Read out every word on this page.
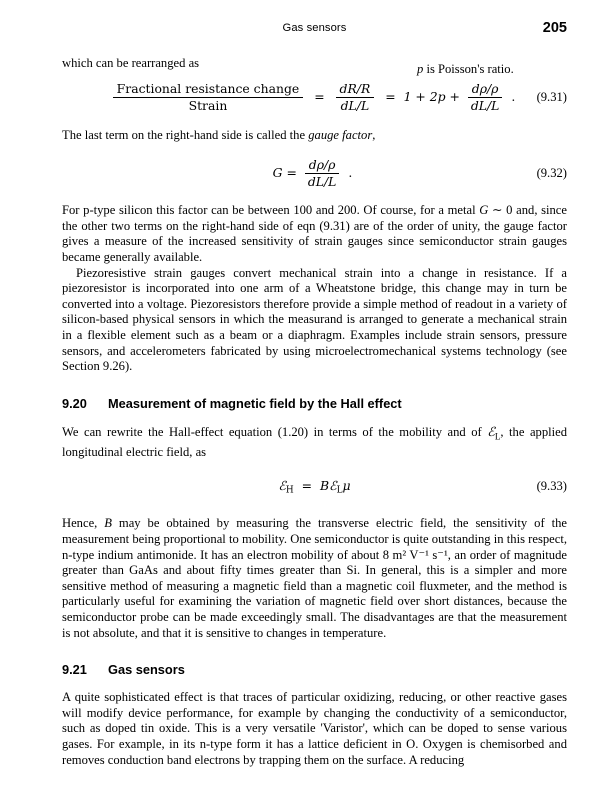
Gas sensors	205
p is Poisson's ratio.

which can be rearranged as

$\frac{\text{Fractional resistance change}}{\text{Strain}} = \frac{dR/R}{dL/L} = 1 + 2p + \frac{d\rho/\rho}{dL/L}$ .	(9.31)

The last term on the right-hand side is called the gauge factor,

$G = \frac{d\rho/\rho}{dL/L}$ .	(9.32)

For p-type silicon this factor can be between 100 and 200. Of course, for a metal G ∼ 0 and, since the other two terms on the right-hand side of eqn (9.31) are of the order of unity, the gauge factor gives a measure of the increased sensitivity of strain gauges since semiconductor strain gauges became generally available.

Piezoresistive strain gauges convert mechanical strain into a change in resistance. If a piezoresistor is incorporated into one arm of a Wheatstone bridge, this change may in turn be converted into a voltage. Piezoresistors therefore provide a simple method of readout in a variety of silicon-based physical sensors in which the measurand is arranged to generate a mechanical strain in a flexible element such as a beam or a diaphragm. Examples include strain sensors, pressure sensors, and accelerometers fabricated by using microelectromechanical systems technology (see Section 9.26).

9.20	Measurement of magnetic field by the Hall effect

We can rewrite the Hall-effect equation (1.20) in terms of the mobility and of ℰ$_L$, the applied longitudinal electric field, as

ℰ$_H$ = Bℰ$_L$μ	(9.33)

Hence, B may be obtained by measuring the transverse electric field, the sensitivity of the measurement being proportional to mobility. One semiconductor is quite outstanding in this respect, n-type indium antimonide. It has an electron mobility of about 8 m² V⁻¹ s⁻¹, an order of magnitude greater than GaAs and about fifty times greater than Si. In general, this is a simpler and more sensitive method of measuring a magnetic field than a magnetic coil fluxmeter, and the method is particularly useful for examining the variation of magnetic field over short distances, because the semiconductor probe can be made exceedingly small. The disadvantages are that the measurement is not absolute, and that it is sensitive to changes in temperature.

9.21	Gas sensors

A quite sophisticated effect is that traces of particular oxidizing, reducing, or other reactive gases will modify device performance, for example by changing the conductivity of a semiconductor, such as doped tin oxide. This is a very versatile 'Varistor', which can be doped to sense various gases. For example, in its n-type form it has a lattice deficient in O. Oxygen is chemisorbed and removes conduction band electrons by trapping them on the surface. A reducing
